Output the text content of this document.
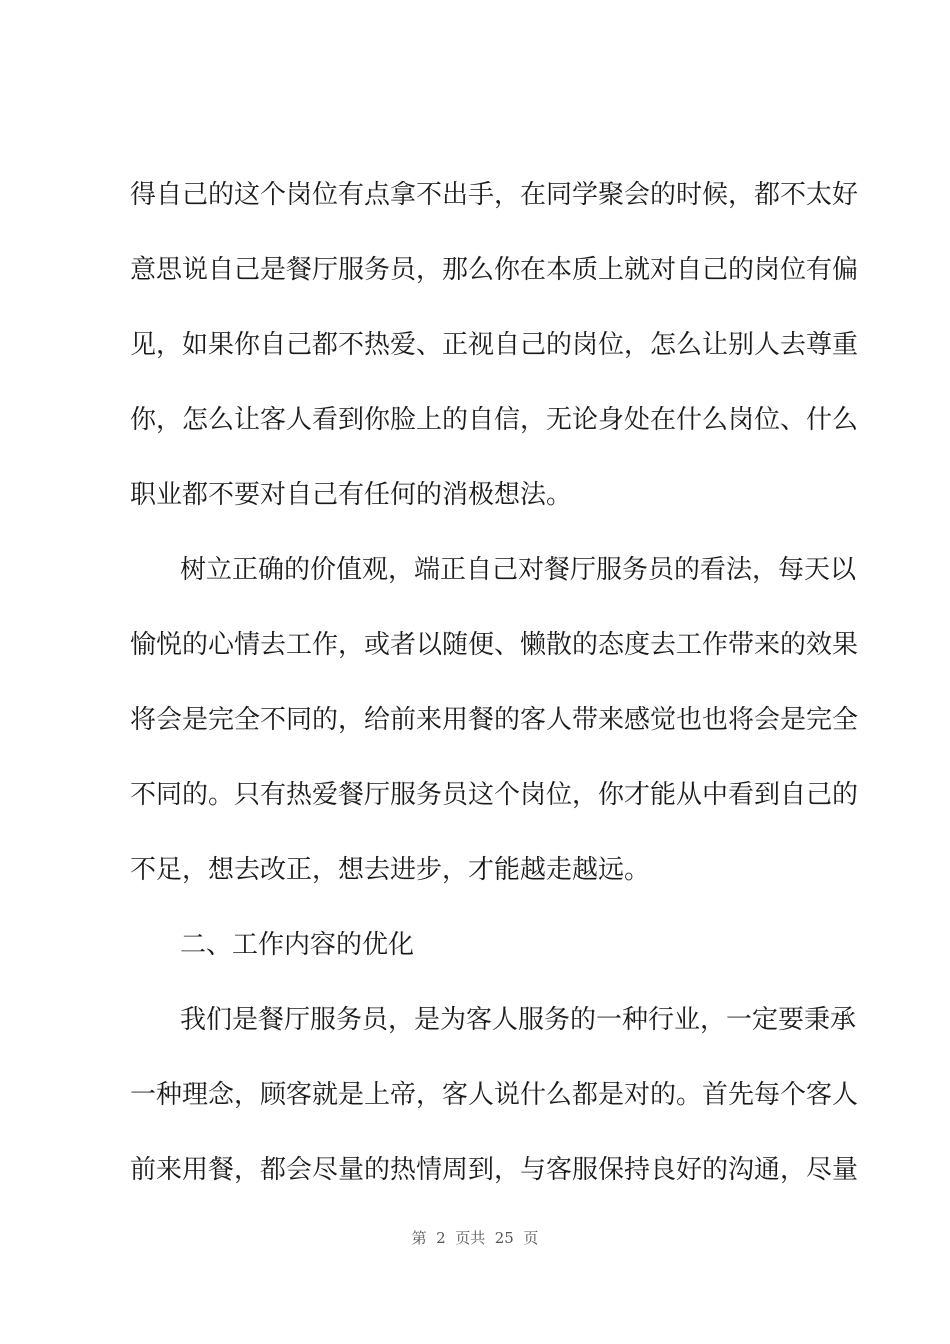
得自己的这个岗位有点拿不出手，在同学聚会的时候，都不太好
意思说自己是餐厅服务员，那么你在本质上就对自己的岗位有偏
见，如果你自己都不热爱、正视自己的岗位，怎么让别人去尊重
你，怎么让客人看到你脸上的自信，无论身处在什么岗位、什么
职业都不要对自己有任何的消极想法。
树立正确的价值观，端正自己对餐厅服务员的看法，每天以
愉悦的心情去工作，或者以随便、懒散的态度去工作带来的效果
将会是完全不同的，给前来用餐的客人带来感觉也也将会是完全
不同的。只有热爱餐厅服务员这个岗位，你才能从中看到自己的
不足，想去改正，想去进步，才能越走越远。
二、工作内容的优化
我们是餐厅服务员，是为客人服务的一种行业，一定要秉承
一种理念，顾客就是上帝，客人说什么都是对的。首先每个客人
前来用餐，都会尽量的热情周到，与客服保持良好的沟通，尽量
第  2  页共  25  页
